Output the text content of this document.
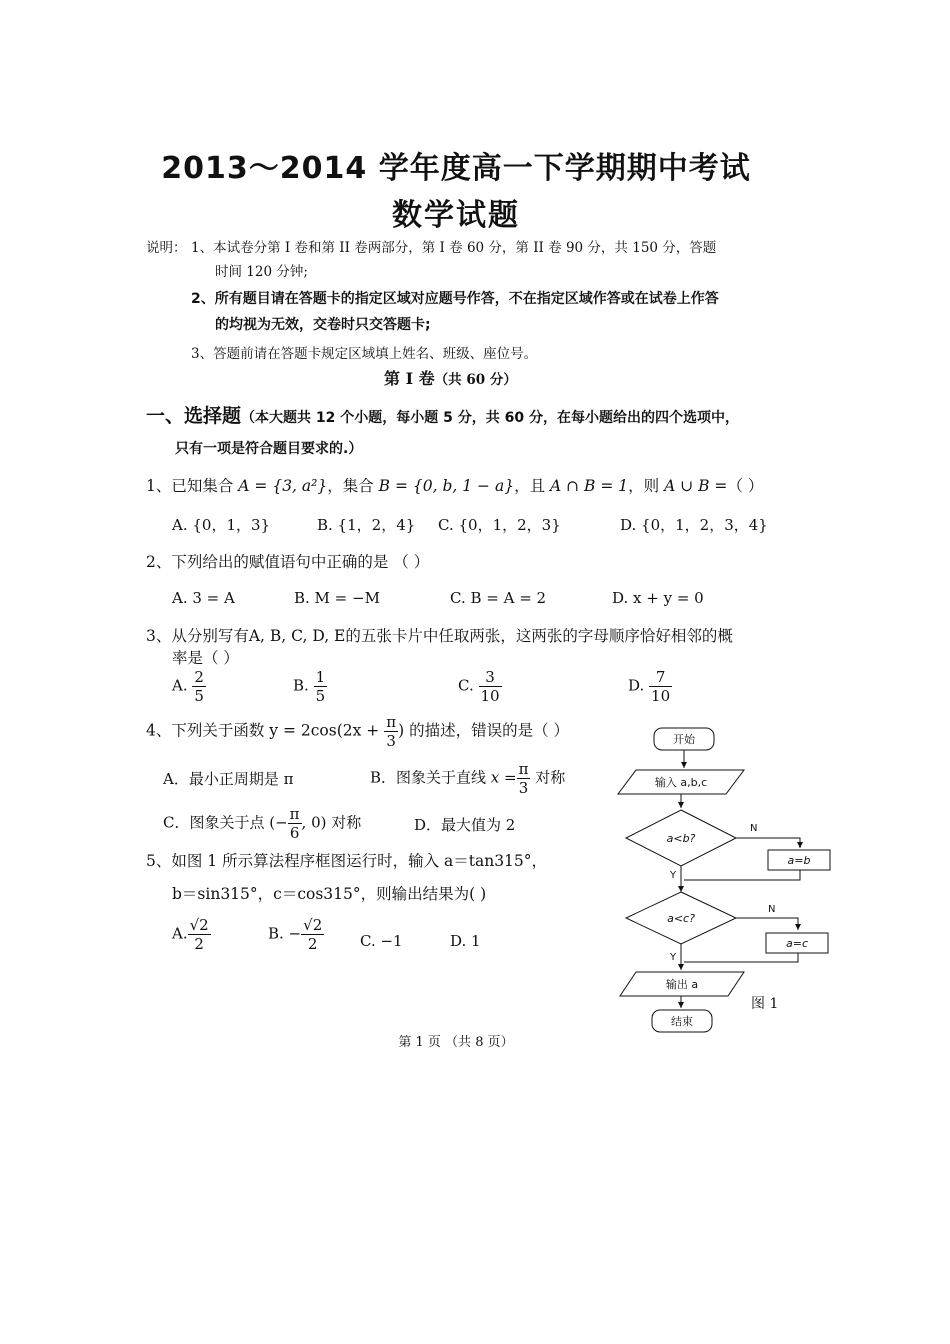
2013～2014 学年度高一下学期期中考试
数学试题
说明： 1、本试卷分第 I 卷和第 II 卷两部分，第 I 卷 60 分，第 II 卷 90 分，共 150 分，答题
时间 120 分钟;
2、所有题目请在答题卡的指定区域对应题号作答，不在指定区域作答或在试卷上作答
的均视为无效，交卷时只交答题卡;
3、答题前请在答题卡规定区域填上姓名、班级、座位号。
第 I 卷（共 60 分）
一、选择题（本大题共 12 个小题，每小题 5 分，共 60 分，在每小题给出的四个选项中，
只有一项是符合题目要求的.）
1、已知集合 A = {3, a²}，集合 B = {0, b, 1 − a}，且 A ∩ B = 1，则 A ∪ B =（ ）
A. {0，1，3}	B. {1，2，4} C. {0，1，2，3}	D. {0，1，2，3，4}
2、下列给出的赋值语句中正确的是 （ ）
A. 3 = A	B. M = −M	C. B = A = 2	D. x + y = 0
3、从分别写有A, B, C, D, E的五张卡片中任取两张，这两张的字母顺序恰好相邻的概
率是（ ）
A. $\frac{2}{5}$	B. $\frac{1}{5}$	C. $\frac{3}{10}$	D. $\frac{7}{10}$
4、下列关于函数 $y = 2\cos(2x + \frac{\pi}{3}$ ) 的描述，错误的是（ ）
A．最小正周期是 π	B．图象关于直线 $x = \frac{\pi}{3}$ 对称
C．图象关于点 (− $\frac{\pi}{6}$ , 0) 对称	D．最大值为 2
5、如图 1 所示算法程序框图运行时，输入 a＝tan315°，
b＝sin315°，c＝cos315°，则输出结果为( )
A. $\frac{√2}{2}$	B. − $\frac{√2}{2} C$. −1	D. 1
开始
输入 a,b,c
a<b?
a=b
a<c?
a=c
输出 a
结束
N
Y
N
Y
图 1
第 1 页 （共 8 页）
